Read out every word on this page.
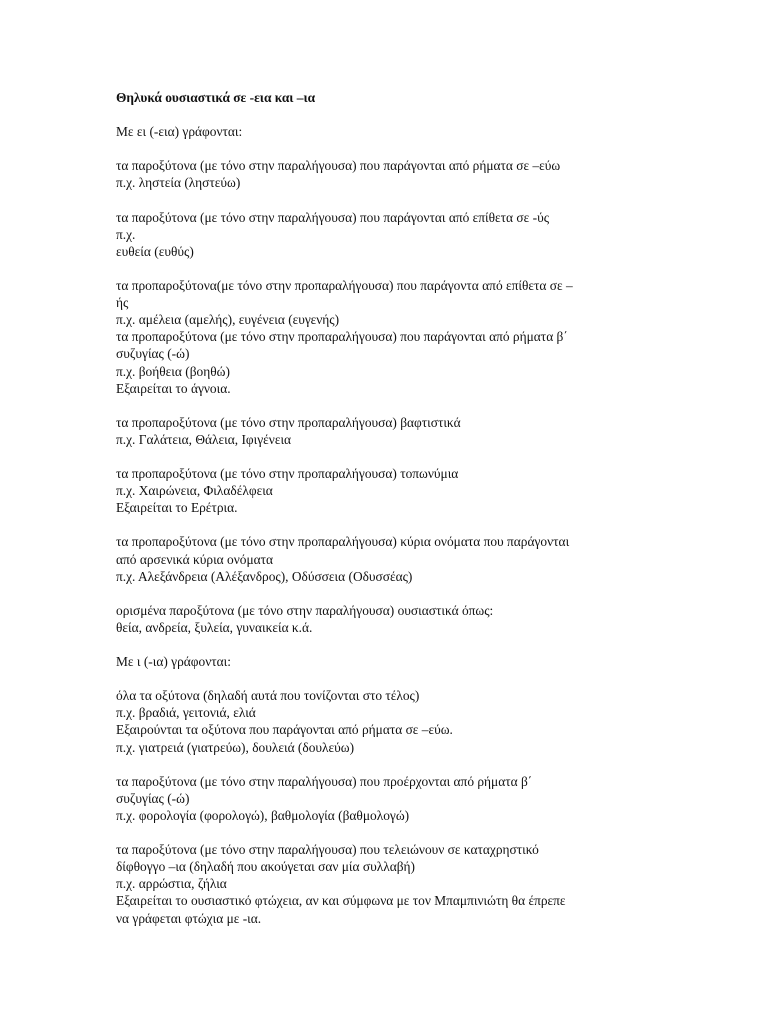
Θηλυκά ουσιαστικά σε -εια και –ια

Με ει (-εια) γράφονται:

τα παροξύτονα (με τόνο στην παραλήγουσα) που παράγονται από ρήματα σε –εύω
π.χ. ληστεία (ληστεύω)

τα παροξύτονα (με τόνο στην παραλήγουσα) που παράγονται από επίθετα σε -ύς
π.χ.
ευθεία (ευθύς)

τα προπαροξύτονα(με τόνο στην προπαραλήγουσα) που παράγοντα από επίθετα σε –
ής
π.χ. αμέλεια (αμελής), ευγένεια (ευγενής)
τα προπαροξύτονα (με τόνο στην προπαραλήγουσα) που παράγονται από ρήματα β΄
συζυγίας (-ώ)
π.χ. βοήθεια (βοηθώ)
Εξαιρείται το άγνοια.

τα προπαροξύτονα (με τόνο στην προπαραλήγουσα) βαφτιστικά
π.χ. Γαλάτεια, Θάλεια, Ιφιγένεια

τα προπαροξύτονα (με τόνο στην προπαραλήγουσα) τοπωνύμια
π.χ. Χαιρώνεια, Φιλαδέλφεια
Εξαιρείται το Ερέτρια.

τα προπαροξύτονα (με τόνο στην προπαραλήγουσα) κύρια ονόματα που παράγονται
από αρσενικά κύρια ονόματα
π.χ. Αλεξάνδρεια (Αλέξανδρος), Οδύσσεια (Οδυσσέας)

ορισμένα παροξύτονα (με τόνο στην παραλήγουσα) ουσιαστικά όπως:
θεία, ανδρεία, ξυλεία, γυναικεία κ.ά.

Με ι (-ια) γράφονται:

όλα τα οξύτονα (δηλαδή αυτά που τονίζονται στο τέλος)
π.χ. βραδιά, γειτονιά, ελιά
Εξαιρούνται τα οξύτονα που παράγονται από ρήματα σε –εύω.
π.χ. γιατρειά (γιατρεύω), δουλειά (δουλεύω)

τα παροξύτονα (με τόνο στην παραλήγουσα) που προέρχονται από ρήματα β΄
συζυγίας (-ώ)
π.χ. φορολογία (φορολογώ), βαθμολογία (βαθμολογώ)

τα παροξύτονα (με τόνο στην παραλήγουσα) που τελειώνουν σε καταχρηστικό
δίφθογγο –ια (δηλαδή που ακούγεται σαν μία συλλαβή)
π.χ. αρρώστια, ζήλια
Εξαιρείται το ουσιαστικό φτώχεια, αν και σύμφωνα με τον Μπαμπινιώτη θα έπρεπε
να γράφεται φτώχια με -ια.
